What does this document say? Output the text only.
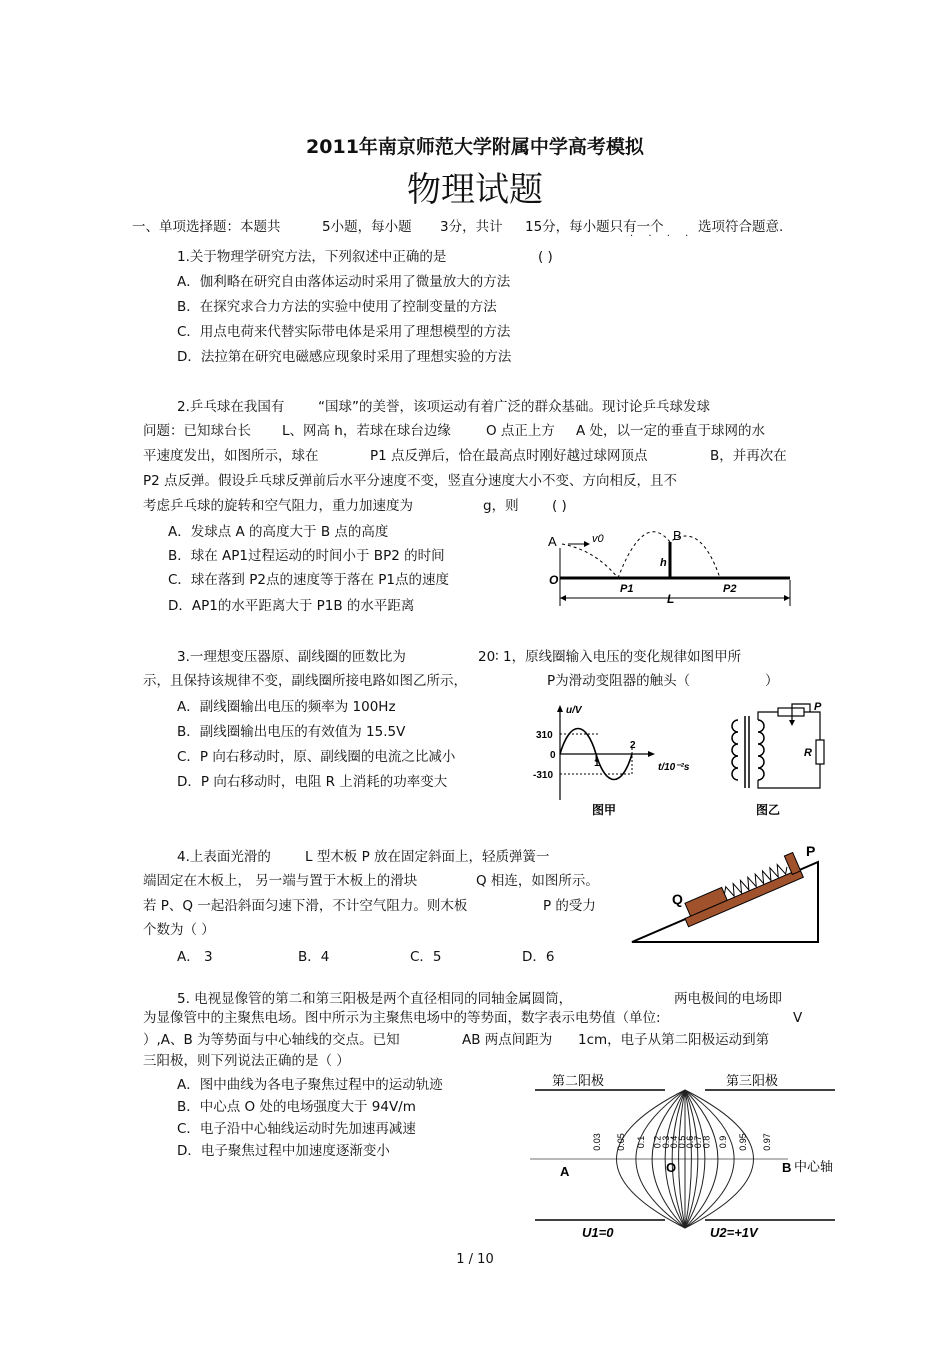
2011年南京师范大学附属中学高考模拟
物理试题
一、单项选择题：本题共	5小题，每小题 3分，共计 15分，每小题只有一个
· · · ·
选项符合题意.
1.关于物理学研究方法，下列叙述中正确的是	( )
A．伽利略在研究自由落体运动时采用了微量放大的方法
B．在探究求合力方法的实验中使用了控制变量的方法
C．用点电荷来代替实际带电体是采用了理想模型的方法
D．法拉第在研究电磁感应现象时采用了理想实验的方法
2.乒乓球在我国有 “国球”的美誉，该项运动有着广泛的群众基础。现讨论乒乓球发球
问题：已知球台长 L、网高 h，若球在球台边缘	O 点正上方 A 处，以一定的垂直于球网的水
平速度发出，如图所示，球在	P1 点反弹后，恰在最高点时刚好越过球网顶点	B，并再次在
P2 点反弹。假设乒乓球反弹前后水平分速度不变，竖直分速度大小不变、方向相反，且不
考虑乒乓球的旋转和空气阻力，重力加速度为	g，则 ( )
A．发球点 A 的高度大于 B 点的高度
B．球在 AP1过程运动的时间小于 BP2 的时间
C．球在落到 P2点的速度等于落在 P1点的速度
D．AP1的水平距离大于 P1B 的水平距离
A	v0	B
h
O
P1	P2
L
3.一理想变压器原、副线圈的匝数比为	20∶ 1，原线圈输入电压的变化规律如图甲所
示，且保持该规律不变，副线圈所接电路如图乙所示，	P为滑动变阻器的触头（	）
A．副线圈输出电压的频率为 100Hz
B．副线圈输出电压的有效值为 15.5V
C．P 向右移动时，原、副线圈的电流之比减小
D．P 向右移动时，电阻 R 上消耗的功率变大
u/V
310
0
-310
1
2
t/10⁻²s
图甲
P
R
图乙
4.上表面光滑的	L 型木板 P 放在固定斜面上，轻质弹簧一
端固定在木板上， 另一端与置于木板上的滑块	Q 相连，如图所示。
若 P、Q 一起沿斜面匀速下滑，不计空气阻力。则木板	P 的受力
个数为（ ）
A． 3	B．4	C．5	D．6
P
Q
5. 电视显像管的第二和第三阳极是两个直径相同的同轴金属圆筒，	两电极间的电场即
为显像管中的主聚焦电场。图中所示为主聚焦电场中的等势面，数字表示电势值（单位:	V
）,A、B 为等势面与中心轴线的交点。已知	AB 两点间距为 1cm，电子从第二阳极运动到第
三阳极，则下列说法正确的是（ ）
A．图中曲线为各电子聚焦过程中的运动轨迹
B．中心点 O 处的电场强度大于 94V/m
C．电子沿中心轴线运动时先加速再减速
D．电子聚焦过程中加速度逐渐变小
0.03 0.05 0.1 0.2
0.3
0.4
0.5
0.6
0.7
0.8 0.9 0.95 0.97
第二阳极	第三阳极
A	O	B 中心轴
U1=0	U2=+1V
1 / 10
